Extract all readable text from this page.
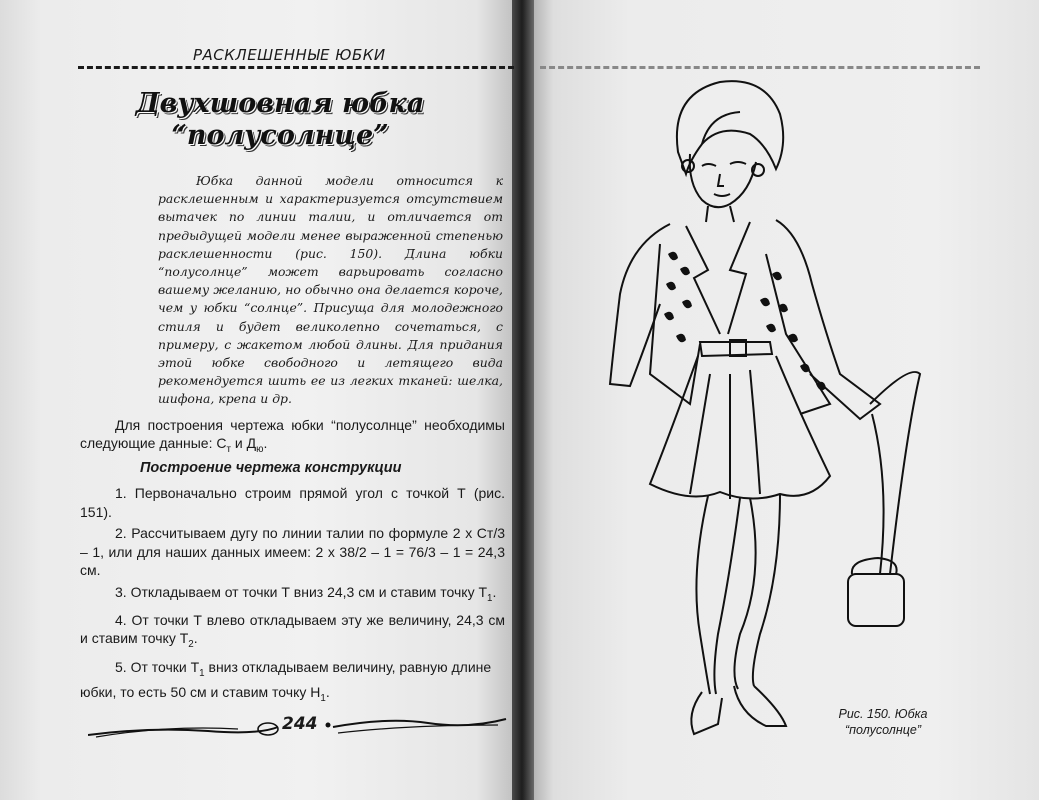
РАСКЛЕШЕННЫЕ ЮБКИ
Двухшовная юбка
“полусолнце”
Юбка данной модели относится к расклешенным и характеризуется отсутствием вытачек по линии талии, и отличается от предыдущей модели менее выраженной степенью расклешенности (рис. 150). Длина юбки “полусолнце” может варьировать согласно вашему желанию, но обычно она делается короче, чем у юбки “солнце”. Присуща для молодежного стиля и будет великолепно сочетаться, с примеру, с жакетом любой длины. Для придания этой юбке свободного и летящего вида рекомендуется шить ее из легких тканей: шелка, шифона, крепа и др.
Для построения чертежа юбки “полусолнце” необходимы следующие данные: $С_т$ и $Д_ю$.
Построение чертежа конструкции

1. Первоначально строим прямой угол с точкой Т (рис. 151).

2. Рассчитываем дугу по линии талии по формуле 2 х Ст/3 – 1, или для наших данных имеем: 2 х 38/2 – 1 = 76/3 – 1 = 24,3 см.

3. Откладываем от точки Т вниз 24,3 см и ставим точку $Т_1$.

4. От точки Т влево откладываем эту же величину, 24,3 см и ставим точку $Т_2$.

5. От точки $Т_1$ вниз откладываем величину, равную длине юбки, то есть 50 см и ставим точку $Н_1$.

244	Рис. 150. Юбка
“полусолнце”
